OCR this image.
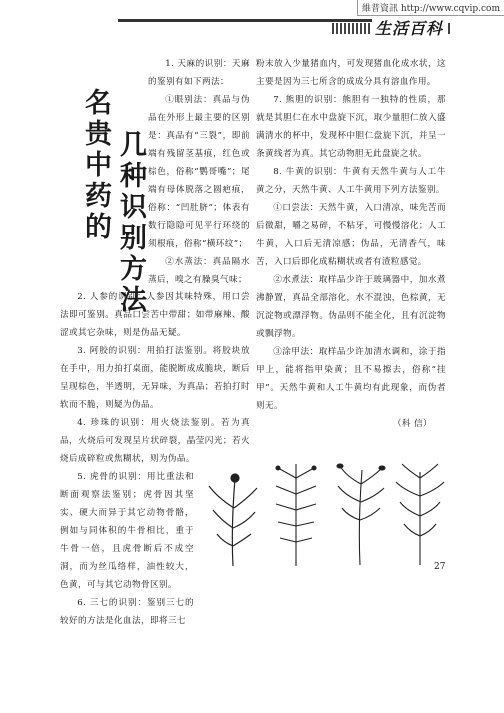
維普資訊 http://www.cqvip.com
生活百科
名贵中药的 几种识别方法

1. 天麻的识别：天麻的鉴别有如下两法：

①眼别法：真品与伪品在外形上最主要的区别是：真品有“三裂”，即前端有残留茎基痕，红色或棕色，俗称“鹦哥嘴”；尾端有母体脱落之圆疤痕，俗称：“凹肚脐”；体表有数行隐隐可见平行环绕的须根痕，俗称“横环纹”；

②水蒸法：真品隔水蒸后，嗅之有臊臭气味；

2. 人参的识别：人参因其味特殊，用口尝法即可鉴别。真品口尝苦中带甜；如带麻辣、酸涩或其它杂味，则是伪品无疑。

3. 阿胶的识别：用拍打法鉴别。将胶块放在手中，用力拍打桌面，能脱断成成脆块，断后呈现棕色，半透明，无异味，为真品；若拍打时软而不脆，则疑为伪品。

4. 珍珠的识别：用火烧法鉴别。若为真品，火烧后可发现呈片状碎裂，晶莹闪光；若火烧后成碎粒或焦糊状，则为伪品。

5. 虎骨的识别：用比重法和断面观察法鉴别；虎骨因其坚实、硬大而异于其它动物骨骼，例如与同体积的牛骨相比，重于牛骨一倍，且虎骨断后不成空洞，而为丝瓜络样，油性较大，色黄，可与其它动物骨区别。

6. 三七的识别：鉴别三七的较好的方法是化血法，即将三七

粉末放入少量猪血内，可发现猪血化成水状，这主要是因为三七所含的成成分具有溶血作用。

7. 熊胆的识别：熊胆有一独特的性质，那就是其胆仁在水中盘旋下沉，取少量胆仁放入盛满清水的杯中，发现杯中胆仁盘旋下沉，并呈一条黄线者为真。其它动物胆无此盘旋之状。

8. 牛黄的识别：牛黄有天然牛黄与人工牛黄之分，天然牛黄、人工牛黄用下列方法鉴别。

①口尝法：天然牛黄，入口清凉，味先苦而后微甜，嚼之易碎，不粘牙，可慢慢溶化；人工牛黄，入口后无清凉感；伪品，无清香气，味苦，入口后即化成粘糊状或者有渣粒感觉。

②水煮法：取样品少许于玻璃器中，加水煮沸静置，真品全部溶化，水不混浊，色棕黄，无沉淀物或漂浮物。伪品则不能全化，且有沉淀物或飘浮物。

③涂甲法：取样品少许加清水调和，涂于指甲上，能将指甲染黄；且不易擦去，俗称“挂甲”。天然牛黄和人工牛黄均有此现象，而伪者则无。

（科 信）

27
